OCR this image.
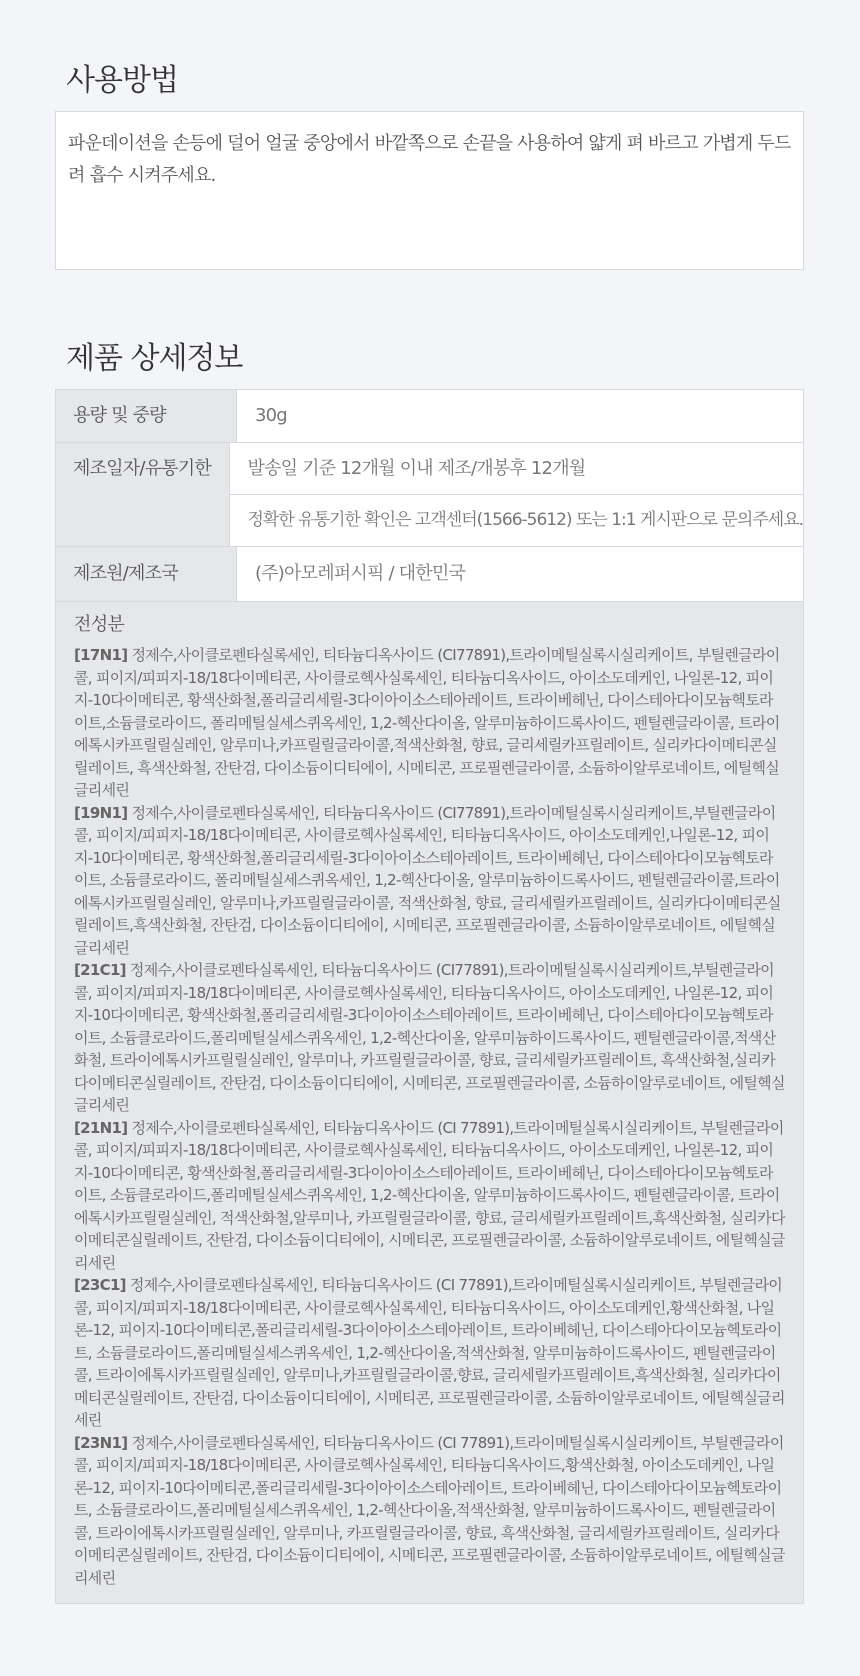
사용방법
파운데이션을 손등에 덜어 얼굴 중앙에서 바깥쪽으로 손끝을 사용하여 얇게 펴 바르고 가볍게 두드려 흡수 시켜주세요.
제품 상세정보
용량 및 중량	30g
제조일자/유통기한	발송일 기준 12개월 이내 제조/개봉후 12개월
정확한 유통기한 확인은 고객센터(1566-5612) 또는 1:1 게시판으로 문의주세요.
제조원/제조국	(주)아모레퍼시픽 / 대한민국
전성분

[17N1] 정제수,사이클로펜타실록세인, 티타늄디옥사이드 (CI77891),트라이메틸실록시실리케이트, 부틸렌글라이콜, 피이지/피피지-18/18다이메티콘, 사이클로헥사실록세인, 티타늄디옥사이드, 아이소도데케인, 나일론-12, 피이지-10다이메티콘, 황색산화철,폴리글리세릴-3다이아이소스테아레이트, 트라이베헤닌, 다이스테아다이모늄헥토라이트,소듐클로라이드, 폴리메틸실세스퀴옥세인, 1,2-헥산다이올, 알루미늄하이드록사이드, 펜틸렌글라이콜, 트라이에톡시카프릴릴실레인, 알루미나,카프릴릴글라이콜,적색산화철, 향료, 글리세릴카프릴레이트, 실리카다이메티콘실릴레이트, 흑색산화철, 잔탄검, 다이소듐이디티에이, 시메티콘, 프로필렌글라이콜, 소듐하이알루로네이트, 에틸헥실글리세린

[19N1] 정제수,사이클로펜타실록세인, 티타늄디옥사이드 (CI77891),트라이메틸실록시실리케이트,부틸렌글라이콜, 피이지/피피지-18/18다이메티콘, 사이클로헥사실록세인, 티타늄디옥사이드, 아이소도데케인,나일론-12, 피이지-10다이메티콘, 황색산화철,폴리글리세릴-3다이아이소스테아레이트, 트라이베헤닌, 다이스테아다이모늄헥토라이트, 소듐클로라이드, 폴리메틸실세스퀴옥세인, 1,2-헥산다이올, 알루미늄하이드록사이드, 펜틸렌글라이콜,트라이에톡시카프릴릴실레인, 알루미나,카프릴릴글라이콜, 적색산화철, 향료, 글리세릴카프릴레이트, 실리카다이메티콘실릴레이트,흑색산화철, 잔탄검, 다이소듐이디티에이, 시메티콘, 프로필렌글라이콜, 소듐하이알루로네이트, 에틸헥실글리세린

[21C1] 정제수,사이클로펜타실록세인, 티타늄디옥사이드 (CI77891),트라이메틸실록시실리케이트,부틸렌글라이콜, 피이지/피피지-18/18다이메티콘, 사이클로헥사실록세인, 티타늄디옥사이드, 아이소도데케인, 나일론-12, 피이지-10다이메티콘, 황색산화철,폴리글리세릴-3다이아이소스테아레이트, 트라이베헤닌, 다이스테아다이모늄헥토라이트, 소듐클로라이드,폴리메틸실세스퀴옥세인, 1,2-헥산다이올, 알루미늄하이드록사이드, 펜틸렌글라이콜,적색산화철, 트라이에톡시카프릴릴실레인, 알루미나, 카프릴릴글라이콜, 향료, 글리세릴카프릴레이트, 흑색산화철,실리카다이메티콘실릴레이트, 잔탄검, 다이소듐이디티에이, 시메티콘, 프로필렌글라이콜, 소듐하이알루로네이트, 에틸헥실글리세린

[21N1] 정제수,사이클로펜타실록세인, 티타늄디옥사이드 (CI 77891),트라이메틸실록시실리케이트, 부틸렌글라이콜, 피이지/피피지-18/18다이메티콘, 사이클로헥사실록세인, 티타늄디옥사이드, 아이소도데케인, 나일론-12, 피이지-10다이메티콘, 황색산화철,폴리글리세릴-3다이아이소스테아레이트, 트라이베헤닌, 다이스테아다이모늄헥토라이트, 소듐클로라이드,폴리메틸실세스퀴옥세인, 1,2-헥산다이올, 알루미늄하이드록사이드, 펜틸렌글라이콜, 트라이에톡시카프릴릴실레인, 적색산화철,알루미나, 카프릴릴글라이콜, 향료, 글리세릴카프릴레이트,흑색산화철, 실리카다이메티콘실릴레이트, 잔탄검, 다이소듐이디티에이, 시메티콘, 프로필렌글라이콜, 소듐하이알루로네이트, 에틸헥실글리세린

[23C1] 정제수,사이클로펜타실록세인, 티타늄디옥사이드 (CI 77891),트라이메틸실록시실리케이트, 부틸렌글라이콜, 피이지/피피지-18/18다이메티콘, 사이클로헥사실록세인, 티타늄디옥사이드, 아이소도데케인,황색산화철, 나일론-12, 피이지-10다이메티콘,폴리글리세릴-3다이아이소스테아레이트, 트라이베헤닌, 다이스테아다이모늄헥토라이트, 소듐클로라이드,폴리메틸실세스퀴옥세인, 1,2-헥산다이올,적색산화철, 알루미늄하이드록사이드, 펜틸렌글라이콜, 트라이에톡시카프릴릴실레인, 알루미나,카프릴릴글라이콜,향료, 글리세릴카프릴레이트,흑색산화철, 실리카다이메티콘실릴레이트, 잔탄검, 다이소듐이디티에이, 시메티콘, 프로필렌글라이콜, 소듐하이알루로네이트, 에틸헥실글리세린

[23N1] 정제수,사이클로펜타실록세인, 티타늄디옥사이드 (CI 77891),트라이메틸실록시실리케이트, 부틸렌글라이콜, 피이지/피피지-18/18다이메티콘, 사이클로헥사실록세인, 티타늄디옥사이드,황색산화철, 아이소도데케인, 나일론-12, 피이지-10다이메티콘,폴리글리세릴-3다이아이소스테아레이트, 트라이베헤닌, 다이스테아다이모늄헥토라이트, 소듐클로라이드,폴리메틸실세스퀴옥세인, 1,2-헥산다이올,적색산화철, 알루미늄하이드록사이드, 펜틸렌글라이콜, 트라이에톡시카프릴릴실레인, 알루미나, 카프릴릴글라이콜, 향료, 흑색산화철, 글리세릴카프릴레이트, 실리카다이메티콘실릴레이트, 잔탄검, 다이소듐이디티에이, 시메티콘, 프로필렌글라이콜, 소듐하이알루로네이트, 에틸헥실글리세린
